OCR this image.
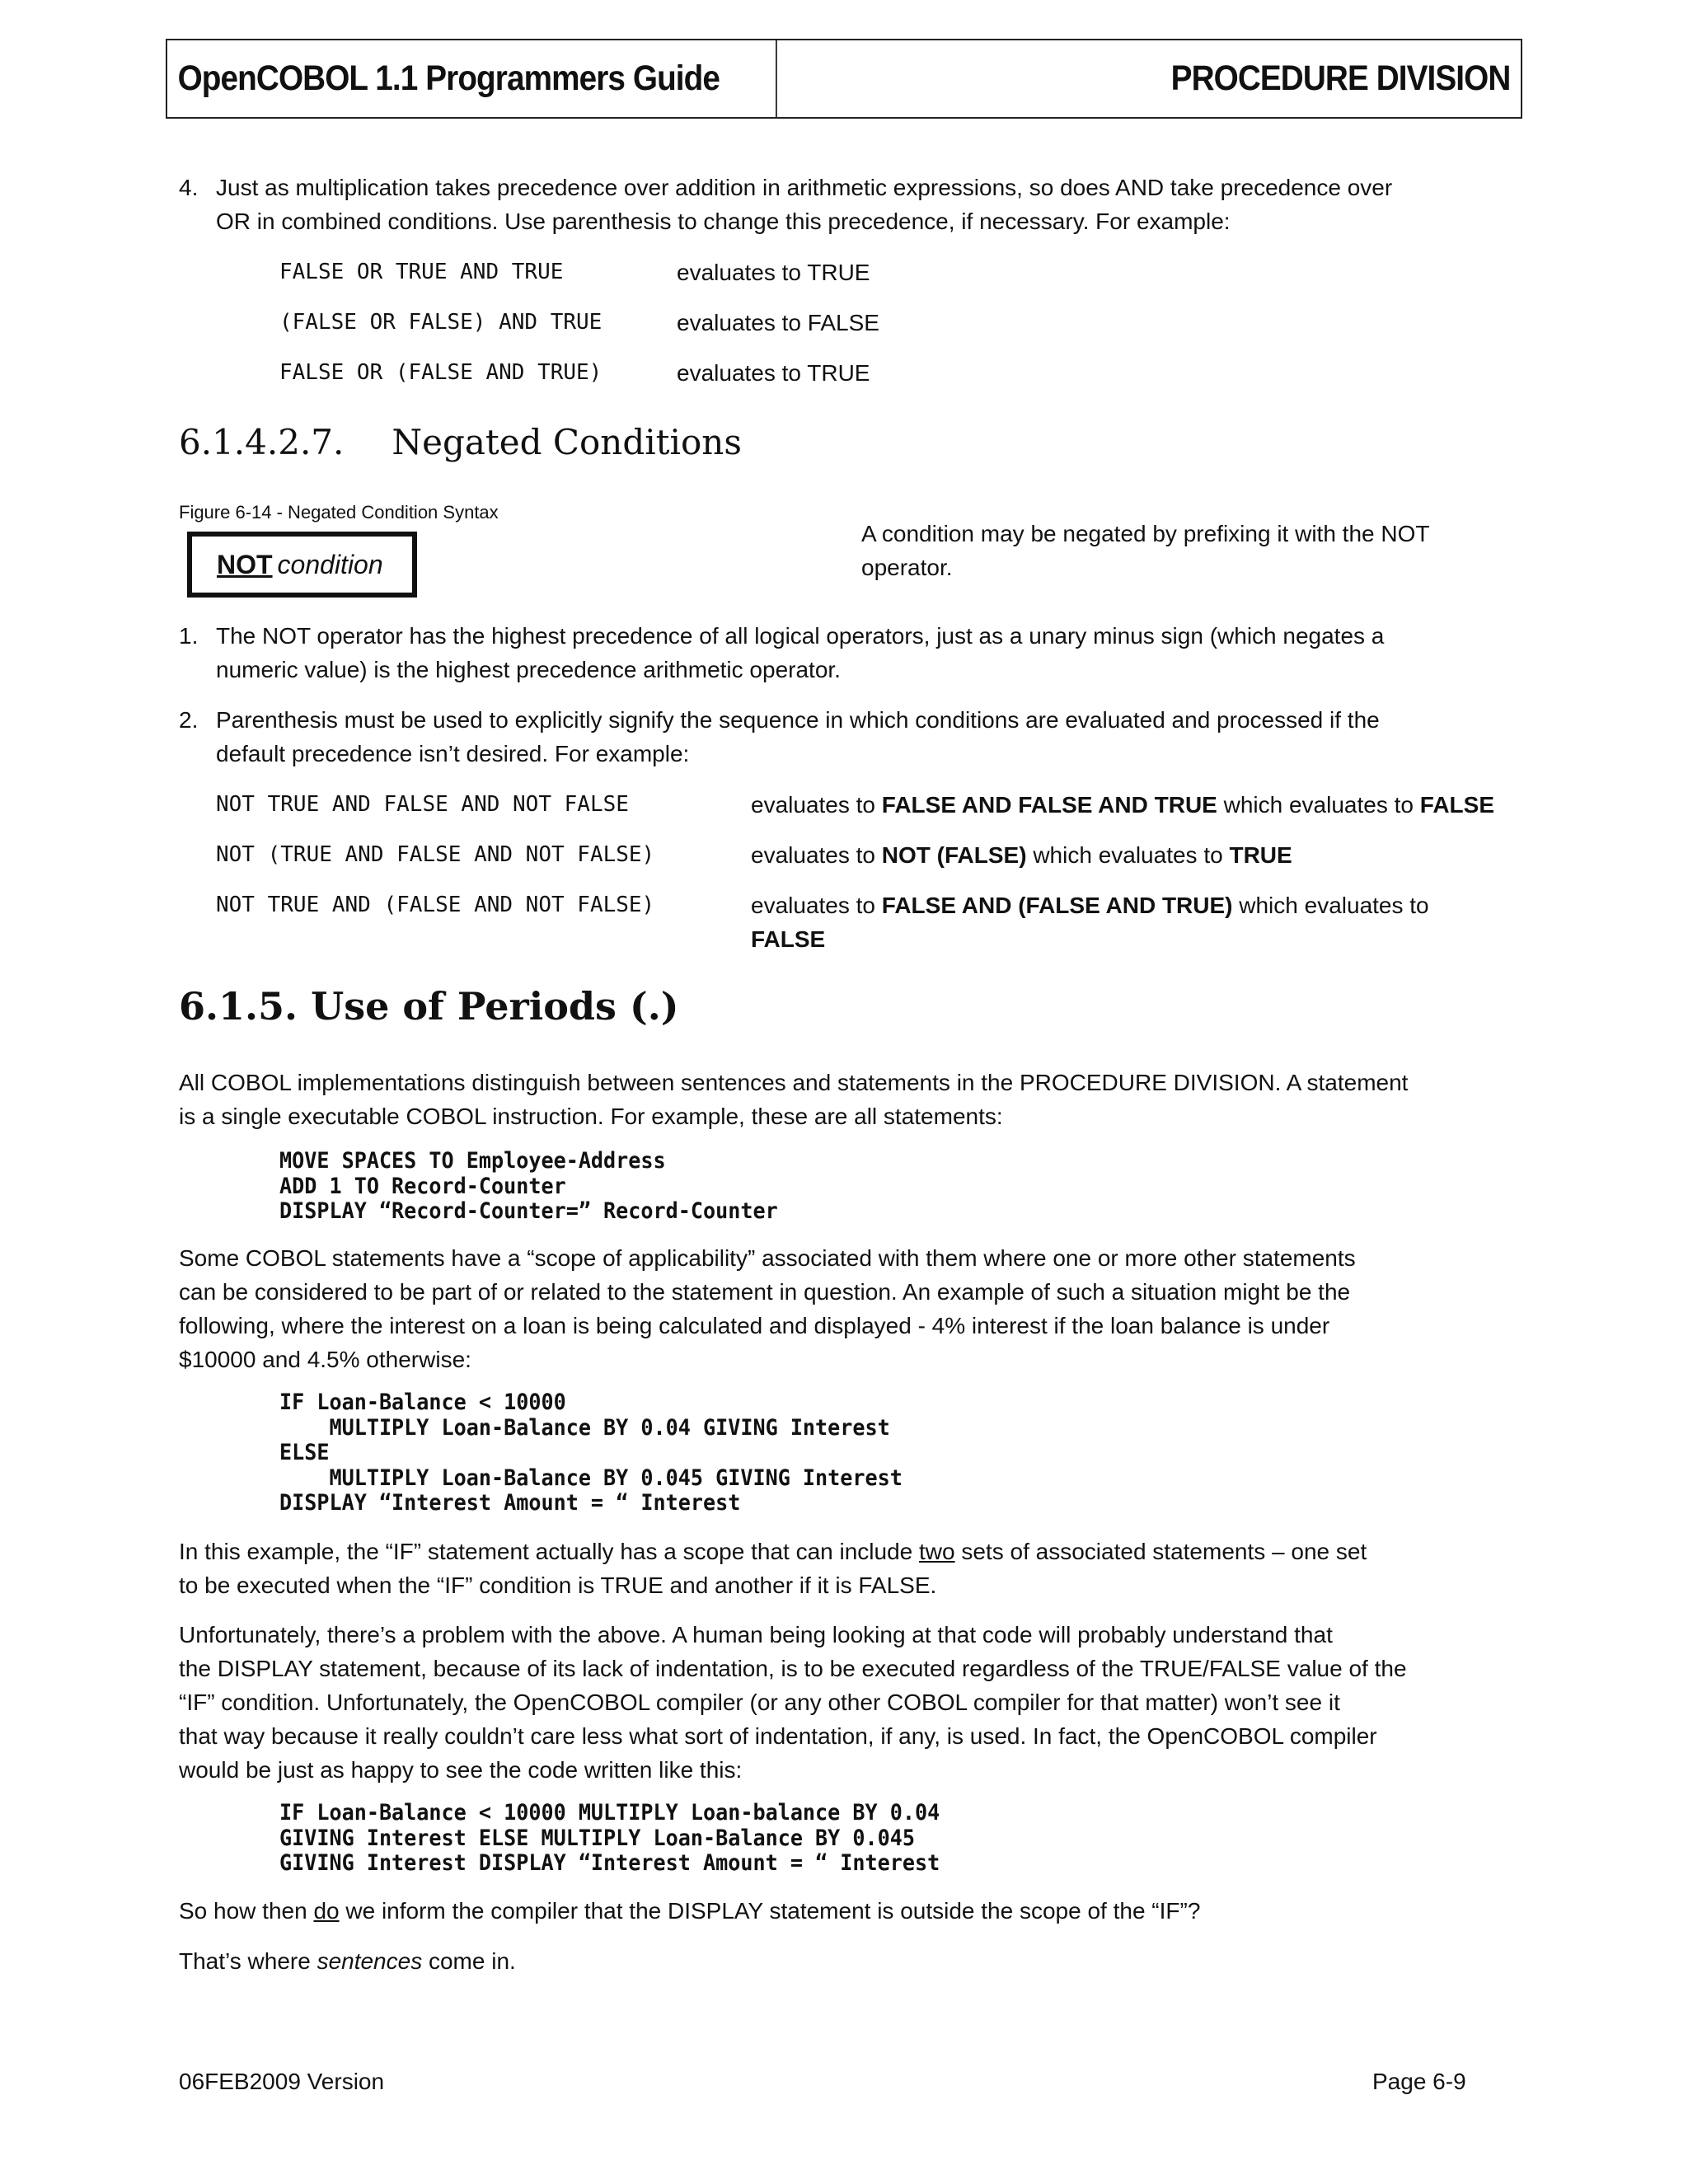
OpenCOBOL 1.1 Programmers Guide	PROCEDURE DIVISION
4. Just as multiplication takes precedence over addition in arithmetic expressions, so does AND take precedence over
OR in combined conditions. Use parenthesis to change this precedence, if necessary. For example:
FALSE OR TRUE AND TRUE	evaluates to TRUE
(FALSE OR FALSE) AND TRUE	evaluates to FALSE
FALSE OR (FALSE AND TRUE)	evaluates to TRUE
6.1.4.2.7. Negated Conditions
Figure 6-14 - Negated Condition Syntax
NOT condition
A condition may be negated by prefixing it with the NOT
operator.
1. The NOT operator has the highest precedence of all logical operators, just as a unary minus sign (which negates a
numeric value) is the highest precedence arithmetic operator.
2. Parenthesis must be used to explicitly signify the sequence in which conditions are evaluated and processed if the
default precedence isn’t desired. For example:
NOT TRUE AND FALSE AND NOT FALSE	evaluates to FALSE AND FALSE AND TRUE which evaluates to FALSE
NOT (TRUE AND FALSE AND NOT FALSE)	evaluates to NOT (FALSE) which evaluates to TRUE
NOT TRUE AND (FALSE AND NOT FALSE)	evaluates to FALSE AND (FALSE AND TRUE) which evaluates to
FALSE
6.1.5. Use of Periods (.)
All COBOL implementations distinguish between sentences and statements in the PROCEDURE DIVISION. A statement
is a single executable COBOL instruction. For example, these are all statements:
MOVE SPACES TO Employee-Address
ADD 1 TO Record-Counter
DISPLAY “Record-Counter=” Record-Counter
Some COBOL statements have a “scope of applicability” associated with them where one or more other statements
can be considered to be part of or related to the statement in question. An example of such a situation might be the
following, where the interest on a loan is being calculated and displayed - 4% interest if the loan balance is under
$10000 and 4.5% otherwise:
IF Loan-Balance < 10000
MULTIPLY Loan-Balance BY 0.04 GIVING Interest
ELSE
MULTIPLY Loan-Balance BY 0.045 GIVING Interest
DISPLAY “Interest Amount = “ Interest
In this example, the “IF” statement actually has a scope that can include two sets of associated statements – one set
to be executed when the “IF” condition is TRUE and another if it is FALSE.
Unfortunately, there’s a problem with the above. A human being looking at that code will probably understand that
the DISPLAY statement, because of its lack of indentation, is to be executed regardless of the TRUE/FALSE value of the
“IF” condition. Unfortunately, the OpenCOBOL compiler (or any other COBOL compiler for that matter) won’t see it
that way because it really couldn’t care less what sort of indentation, if any, is used. In fact, the OpenCOBOL compiler
would be just as happy to see the code written like this:
IF Loan-Balance < 10000 MULTIPLY Loan-balance BY 0.04
GIVING Interest ELSE MULTIPLY Loan-Balance BY 0.045
GIVING Interest DISPLAY “Interest Amount = “ Interest
So how then do we inform the compiler that the DISPLAY statement is outside the scope of the “IF”?
That’s where sentences come in.
06FEB2009 Version	Page 6-9
